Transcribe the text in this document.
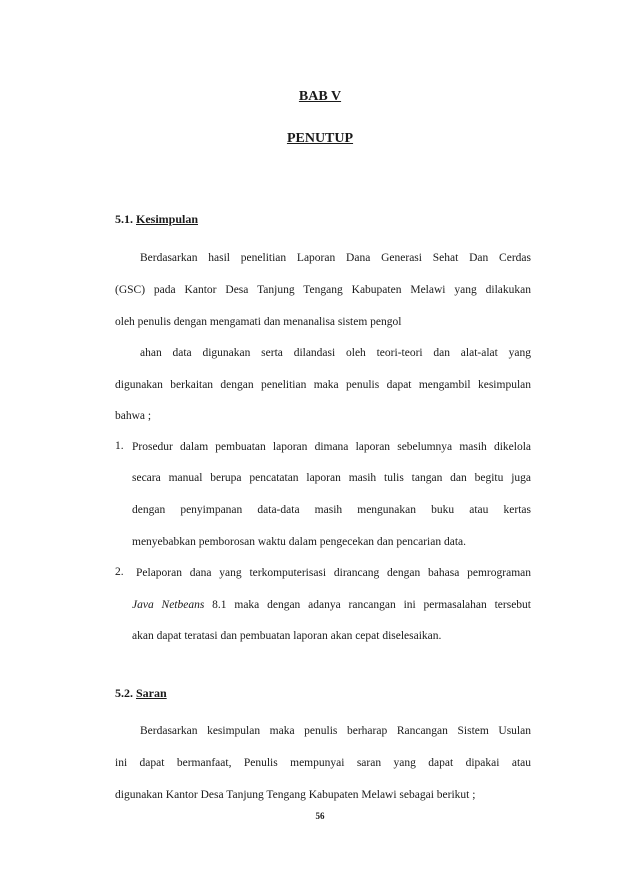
BAB V
PENUTUP
5.1. Kesimpulan
Berdasarkan hasil penelitian Laporan Dana Generasi Sehat Dan Cerdas
(GSC) pada Kantor Desa Tanjung Tengang Kabupaten Melawi yang dilakukan
oleh penulis dengan mengamati dan menanalisa sistem pengol
ahan data digunakan serta dilandasi oleh teori-teori dan alat-alat yang
digunakan berkaitan dengan penelitian maka penulis dapat mengambil kesimpulan
bahwa ;
1. Prosedur dalam pembuatan laporan dimana laporan sebelumnya masih dikelola
secara manual berupa pencatatan laporan masih tulis tangan dan begitu juga
dengan penyimpanan data-data masih mengunakan buku atau kertas
menyebabkan pemborosan waktu dalam pengecekan dan pencarian data.
2. Pelaporan dana yang terkomputerisasi dirancang dengan bahasa pemrograman
Java Netbeans 8.1 maka dengan adanya rancangan ini permasalahan tersebut
akan dapat teratasi dan pembuatan laporan akan cepat diselesaikan.
5.2. Saran
Berdasarkan kesimpulan maka penulis berharap Rancangan Sistem Usulan
ini dapat bermanfaat, Penulis mempunyai saran yang dapat dipakai atau
digunakan Kantor Desa Tanjung Tengang Kabupaten Melawi sebagai berikut ;
56
